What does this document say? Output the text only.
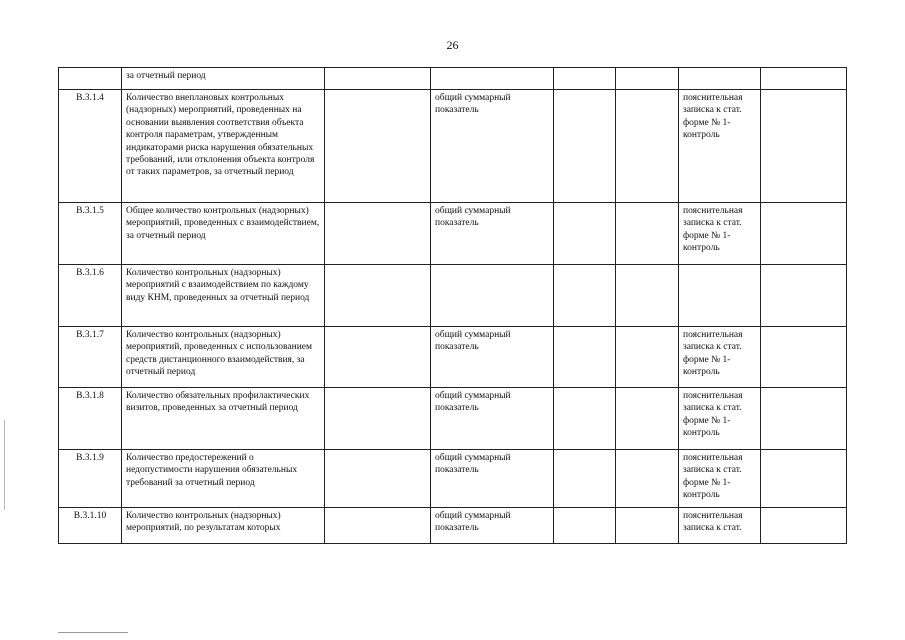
26
	за отчетный период						
В.3.1.4	Количество внеплановых контрольных (надзорных) мероприятий, проведенных на основании выявления соответствия объекта контроля параметрам, утвержденным индикаторами риска нарушения обязательных требований, или отклонения объекта контроля от таких параметров, за отчетный период		общий суммарный показатель			пояснительная записка к стат. форме № 1-контроль	
В.3.1.5	Общее количество контрольных (надзорных) мероприятий, проведенных с взаимодействием, за отчетный период		общий суммарный показатель			пояснительная записка к стат. форме № 1-контроль	
В.3.1.6	Количество контрольных (надзорных) мероприятий с взаимодействием по каждому виду КНМ, проведенных за отчетный период						
В.3.1.7	Количество контрольных (надзорных) мероприятий, проведенных с использованием средств дистанционного взаимодействия, за отчетный период		общий суммарный показатель			пояснительная записка к стат. форме № 1-контроль	
В.3.1.8	Количество обязательных профилактических визитов, проведенных за отчетный период		общий суммарный показатель			пояснительная записка к стат. форме № 1-контроль	
В.3.1.9	Количество предостережений о недопустимости нарушения обязательных требований за отчетный период		общий суммарный показатель			пояснительная записка к стат. форме № 1-контроль	
В.3.1.10	Количество контрольных (надзорных) мероприятий, по результатам которых		общий суммарный показатель			пояснительная записка к стат.	
